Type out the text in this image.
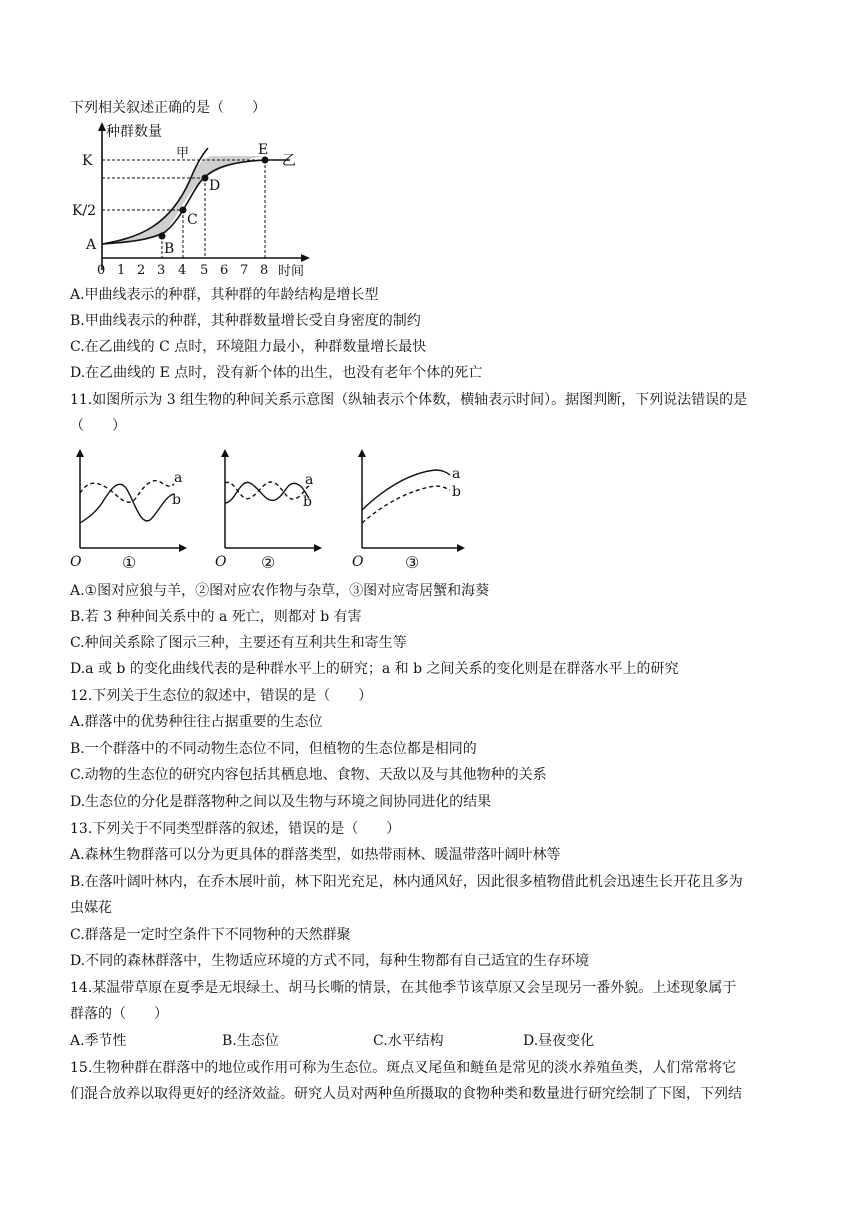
下列相关叙述正确的是（　　）
种群数量
K
K/2
A	B
C
D
E
甲	乙
0 1 2 3 4 5 6 7 8 时间
A.甲曲线表示的种群，其种群的年龄结构是增长型
B.甲曲线表示的种群，其种群数量增长受自身密度的制约
C.在乙曲线的 C 点时，环境阻力最小，种群数量增长最快
D.在乙曲线的 E 点时，没有新个体的出生，也没有老年个体的死亡
11.如图所示为 3 组生物的种间关系示意图（纵轴表示个体数，横轴表示时间）。据图判断，下列说法错误的是
（　　）
a
b
O	①
a
b
O ②
a
b
O	③
A.①图对应狼与羊，②图对应农作物与杂草，③图对应寄居蟹和海葵
B.若 3 种种间关系中的 a 死亡，则都对 b 有害
C.种间关系除了图示三种，主要还有互利共生和寄生等
D.a 或 b 的变化曲线代表的是种群水平上的研究；a 和 b 之间关系的变化则是在群落水平上的研究
12.下列关于生态位的叙述中，错误的是（　　）
A.群落中的优势种往往占据重要的生态位
B.一个群落中的不同动物生态位不同，但植物的生态位都是相同的
C.动物的生态位的研究内容包括其栖息地、食物、天敌以及与其他物种的关系
D.生态位的分化是群落物种之间以及生物与环境之间协同进化的结果
13.下列关于不同类型群落的叙述，错误的是（　　）
A.森林生物群落可以分为更具体的群落类型，如热带雨林、暖温带落叶阔叶林等
B.在落叶阔叶林内，在乔木展叶前，林下阳光充足，林内通风好，因此很多植物借此机会迅速生长开花且多为
虫媒花
C.群落是一定时空条件下不同物种的天然群聚
D.不同的森林群落中，生物适应环境的方式不同，每种生物都有自己适宜的生存环境
14.某温带草原在夏季是无垠绿土、胡马长嘶的情景，在其他季节该草原又会呈现另一番外貌。上述现象属于
群落的（　　）
A.季节性	B.生态位	C.水平结构	D.昼夜变化
15.生物种群在群落中的地位或作用可称为生态位。斑点叉尾鱼和鲢鱼是常见的淡水养殖鱼类，人们常常将它
们混合放养以取得更好的经济效益。研究人员对两种鱼所摄取的食物种类和数量进行研究绘制了下图，下列结
